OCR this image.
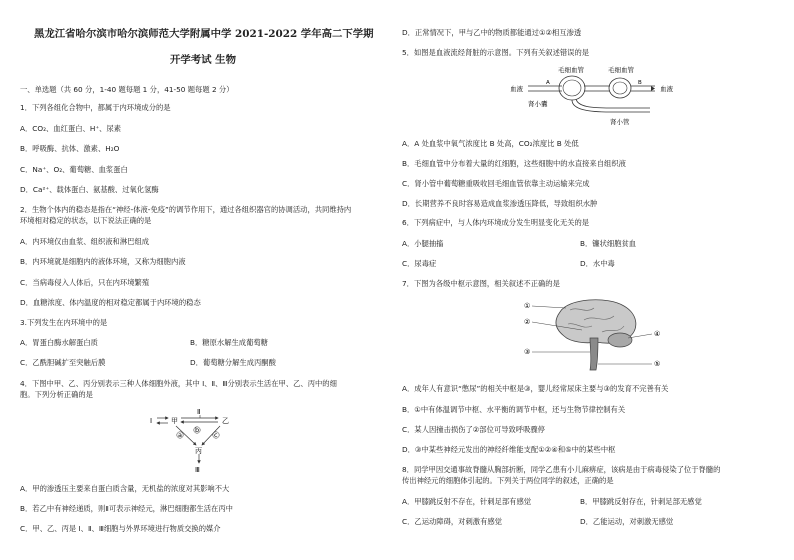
黑龙江省哈尔滨市哈尔滨师范大学附属中学 2021-2022 学年高二下学期
开学考试 生物
一、单选题（共 60 分，1-40 题每题 1 分，41-50 题每题 2 分）
1．下列各组化合物中，都属于内环境成分的是
A．CO₂、血红蛋白、H⁺、尿素
B．呼吸酶、抗体、激素、H₂O
C．Na⁺、O₂、葡萄糖、血浆蛋白
D．Ca²⁺、载体蛋白、氨基酸、过氧化氢酶
2．生物个体内的稳态是指在“神经-体液-免疫”的调节作用下，通过各组织器官的协调活动，共同维持内
环境相对稳定的状态，以下说法正确的是
A．内环境仅由血浆、组织液和淋巴组成
B．内环境就是细胞内的液体环境，又称为细胞内液
C．当病毒侵入人体后，只在内环境繁殖
D．血糖浓度、体内温度的相对稳定都属于内环境的稳态
3.下列发生在内环境中的是
A．胃蛋白酶水解蛋白质	B．糖原水解生成葡萄糖
C．乙酰胆碱扩至突触后膜	D．葡萄糖分解生成丙酮酸
4．下图中甲、乙、丙分别表示三种人体细胞外液，其中 Ⅰ、Ⅱ、Ⅲ分别表示生活在甲、乙、丙中的细
胞。下列分析正确的是
Ⅰ	甲
Ⅱ
乙
a
b
c
丙
Ⅲ
A．甲的渗透压主要来自蛋白质含量，无机盐的浓度对其影响不大
B．若乙中有神经递质，则Ⅱ可表示神经元，淋巴细胞都生活在丙中
C．甲、乙、丙是 Ⅰ、Ⅱ、Ⅲ细胞与外界环境进行物质交换的媒介
D．正常情况下，甲与乙中的物质都能通过①②相互渗透
5．如图是血液流经肾脏的示意图。下列有关叙述错误的是
毛细血管	毛细血管
血液	血液
肾小囊
肾小管
A	B
A．A 处血浆中氧气浓度比 B 处高，CO₂浓度比 B 处低
B．毛细血管中分布着大量的红细胞，这些细胞中的水直接来自组织液
C．肾小管中葡萄糖重吸收回毛细血管依靠主动运输来完成
D．长期营养不良时容易造成血浆渗透压降低，导致组织水肿
6．下列病症中，与人体内环境成分发生明显变化无关的是
A．小腿抽搐	B．镰状细胞贫血
C．尿毒症	D．水中毒
7．下图为各级中枢示意图，相关叙述不正确的是
①
②
③
④
⑤
A．成年人有意识“憋尿”的相关中枢是③，婴儿经常尿床主要与③的发育不完善有关
B．①中有体温调节中枢、水平衡的调节中枢，还与生物节律控制有关
C．某人因撞击损伤了②部位可导致呼吸骤停
D．③中某些神经元发出的神经纤维能支配①②④和⑤中的某些中枢
8．同学甲因交通事故脊髓从胸部折断，同学乙患有小儿麻痹症，该病是由于病毒侵染了位于脊髓的
传出神经元的细胞体引起的。下列关于两位同学的叙述，正确的是
A．甲膝跳反射不存在，针刺足部有感觉	B．甲膝跳反射存在，针刺足部无感觉
C．乙运动障碍，对刺激有感觉	D．乙能运动，对刺激无感觉
